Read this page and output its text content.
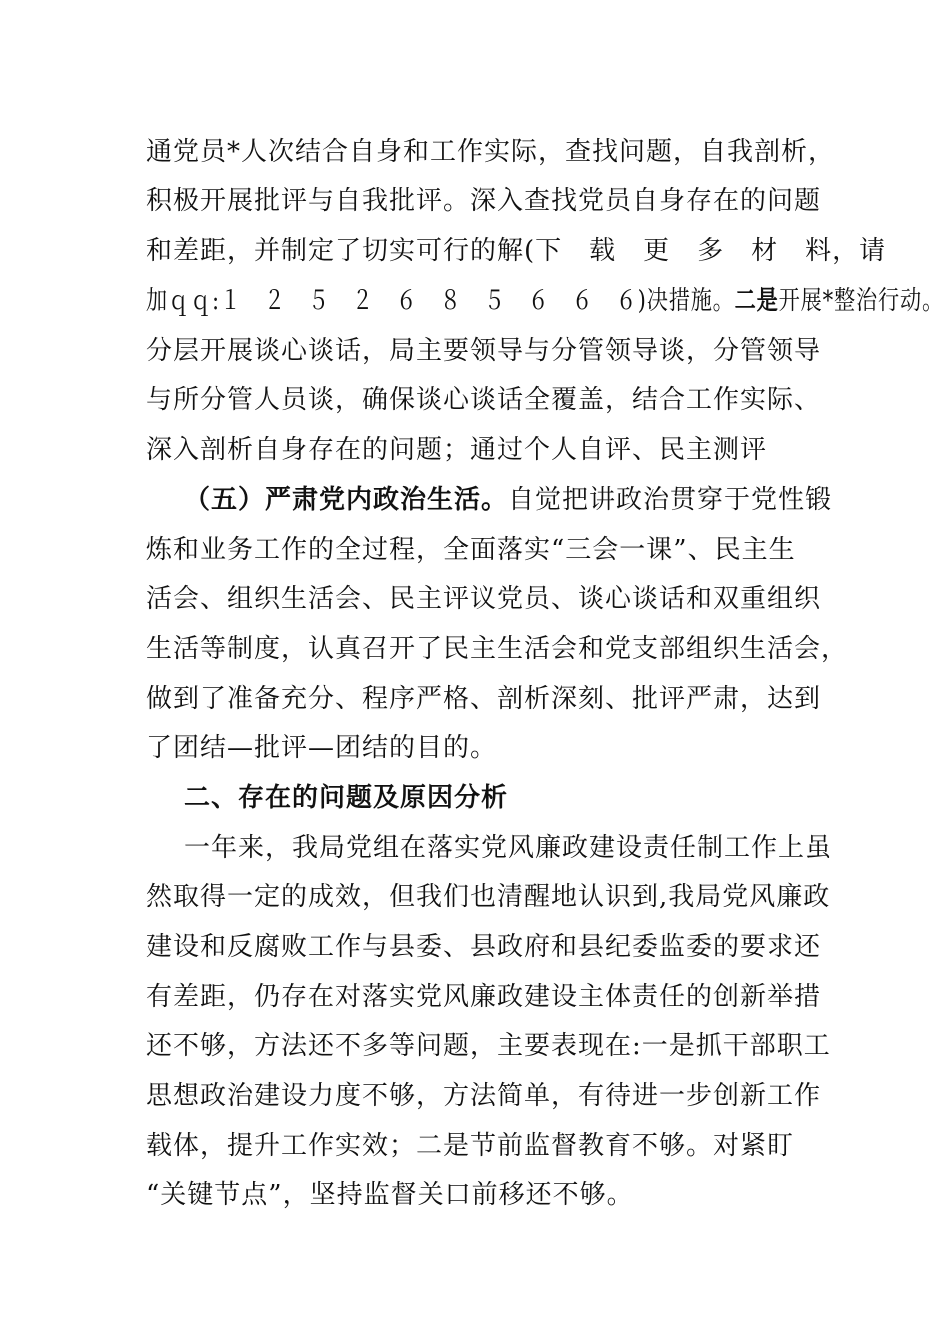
通党员*人次结合自身和工作实际，查找问题，自我剖析，
积极开展批评与自我批评。深入查找党员自身存在的问题
和差距，并制定了切实可行的解(下　载　更　多　材　料，请
加ｑｑ:１　２　５　２　６　８　５　６　６　６)决措施。二是开展*整治行动。
分层开展谈心谈话，局主要领导与分管领导谈，分管领导
与所分管人员谈，确保谈心谈话全覆盖，结合工作实际、
深入剖析自身存在的问题；通过个人自评、民主测评
（五）严肃党内政治生活。自觉把讲政治贯穿于党性锻
炼和业务工作的全过程，全面落实“三会一课”、民主生
活会、组织生活会、民主评议党员、谈心谈话和双重组织
生活等制度，认真召开了民主生活会和党支部组织生活会，
做到了准备充分、程序严格、剖析深刻、批评严肃，达到
了团结—批评—团结的目的。
二、存在的问题及原因分析
一年来，我局党组在落实党风廉政建设责任制工作上虽
然取得一定的成效，但我们也清醒地认识到,我局党风廉政
建设和反腐败工作与县委、县政府和县纪委监委的要求还
有差距，仍存在对落实党风廉政建设主体责任的创新举措
还不够，方法还不多等问题，主要表现在:一是抓干部职工
思想政治建设力度不够，方法简单，有待进一步创新工作
载体，提升工作实效；二是节前监督教育不够。对紧盯
“关键节点”，坚持监督关口前移还不够。
